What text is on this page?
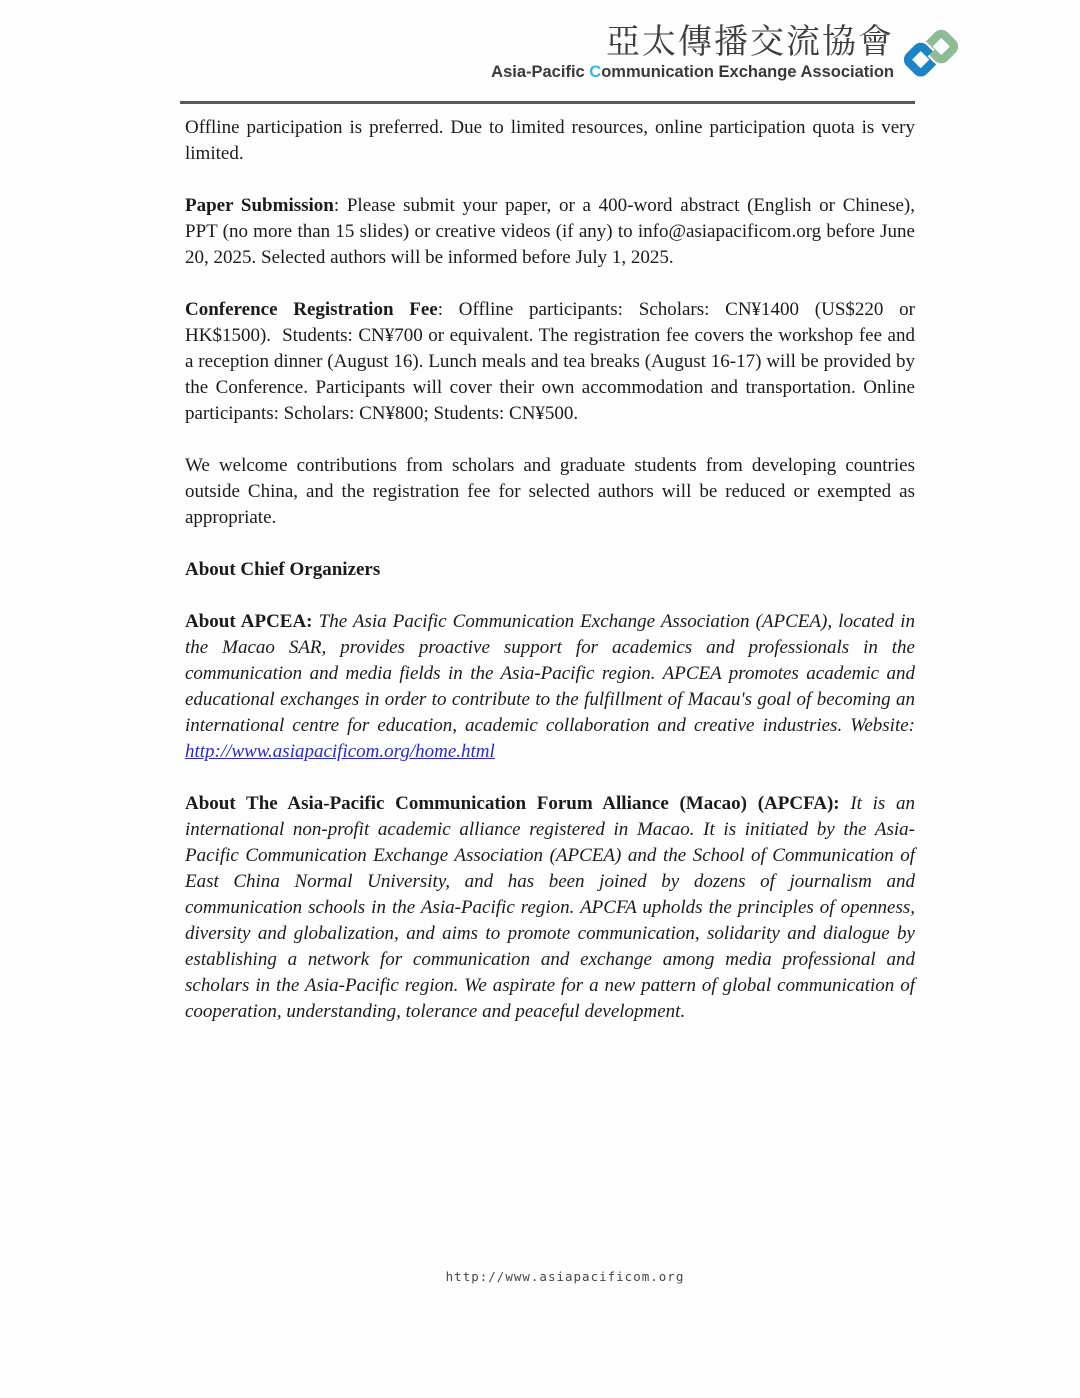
亞太傳播交流協會
Asia-Pacific Communication Exchange Association

Offline participation is preferred. Due to limited resources, online participation quota is very limited.

Paper Submission: Please submit your paper, or a 400-word abstract (English or Chinese), PPT (no more than 15 slides) or creative videos (if any) to info@asiapacificom.org before June 20, 2025. Selected authors will be informed before July 1, 2025.

Conference Registration Fee: Offline participants: Scholars: CN¥1400 (US$220 or HK$1500).  Students: CN¥700 or equivalent. The registration fee covers the workshop fee and a reception dinner (August 16). Lunch meals and tea breaks (August 16-17) will be provided by the Conference. Participants will cover their own accommodation and transportation. Online participants: Scholars: CN¥800; Students: CN¥500.

We welcome contributions from scholars and graduate students from developing countries outside China, and the registration fee for selected authors will be reduced or exempted as appropriate.

About Chief Organizers

About APCEA: The Asia Pacific Communication Exchange Association (APCEA), located in the Macao SAR, provides proactive support for academics and professionals in the communication and media fields in the Asia-Pacific region. APCEA promotes academic and educational exchanges in order to contribute to the fulfillment of Macau's goal of becoming an international centre for education, academic collaboration and creative industries. Website: http://www.asiapacificom.org/home.html

About The Asia-Pacific Communication Forum Alliance (Macao) (APCFA): It is an international non-profit academic alliance registered in Macao. It is initiated by the Asia-Pacific Communication Exchange Association (APCEA) and the School of Communication of East China Normal University, and has been joined by dozens of journalism and communication schools in the Asia-Pacific region. APCFA upholds the principles of openness, diversity and globalization, and aims to promote communication, solidarity and dialogue by establishing a network for communication and exchange among media professional and scholars in the Asia-Pacific region. We aspirate for a new pattern of global communication of cooperation, understanding, tolerance and peaceful development.

http://www.asiapacificom.org
